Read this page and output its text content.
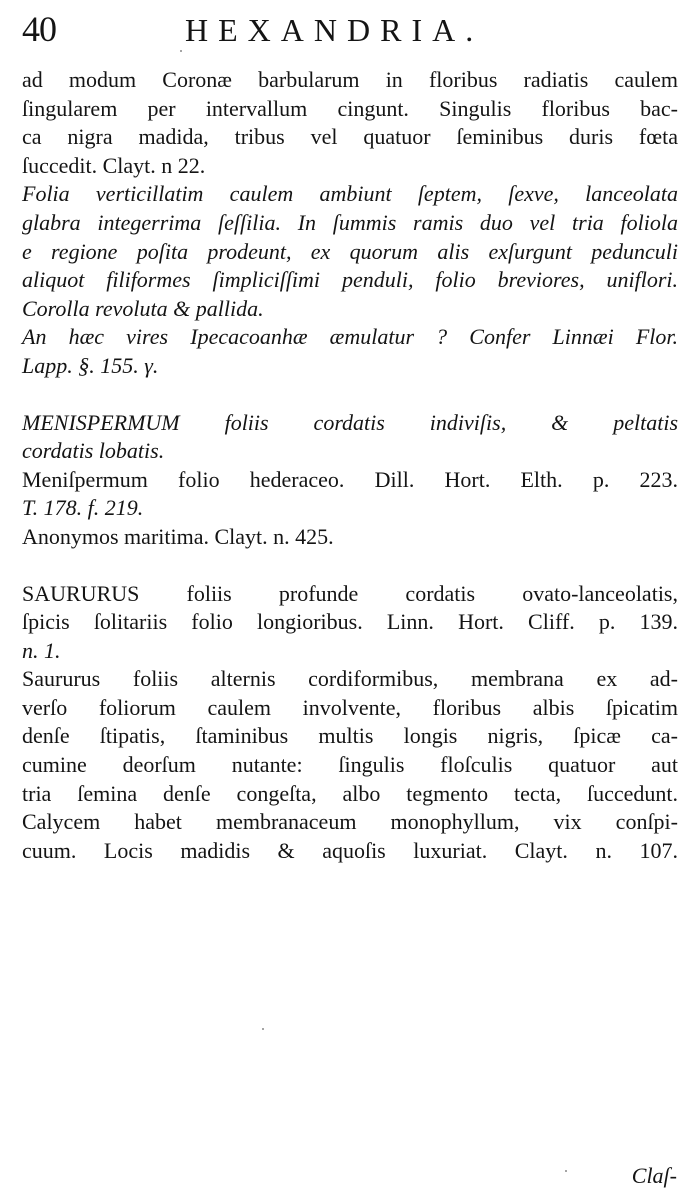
40	HEXANDRIA.
ad modum Coronæ barbularum in floribus radiatis caulem
ſingularem per intervallum cingunt. Singulis floribus bac-
ca nigra madida, tribus vel quatuor ſeminibus duris fœta
ſuccedit. Clayt. n 22.
Folia verticillatim caulem ambiunt ſeptem, ſexve, lanceolata
glabra integerrima ſeſſilia. In ſummis ramis duo vel tria foliola
e regione poſita prodeunt, ex quorum alis exſurgunt pedunculi
aliquot filiformes ſimpliciſſimi penduli, folio breviores, uniflori.
Corolla revoluta & pallida.
An hæc vires Ipecacoanhæ æmulatur ? Confer Linnæi Flor.
Lapp. §. 155. γ.
MENISPERMUM foliis cordatis indiviſis, & peltatis
cordatis lobatis.
Meniſpermum folio hederaceo. Dill. Hort. Elth. p. 223.
T. 178. f. 219.
Anonymos maritima. Clayt. n. 425.
SAURURUS foliis profunde cordatis ovato-lanceolatis,
ſpicis ſolitariis folio longioribus. Linn. Hort. Cliff. p. 139.
n. 1.
Saururus foliis alternis cordiformibus, membrana ex ad-
verſo foliorum caulem involvente, floribus albis ſpicatim
denſe ſtipatis, ſtaminibus multis longis nigris, ſpicæ ca-
cumine deorſum nutante: ſingulis floſculis quatuor aut
tria ſemina denſe congeſta, albo tegmento tecta, ſuccedunt.
Calycem habet membranaceum monophyllum, vix conſpi-
cuum. Locis madidis & aquoſis luxuriat. Clayt. n. 107.
Claſ-
